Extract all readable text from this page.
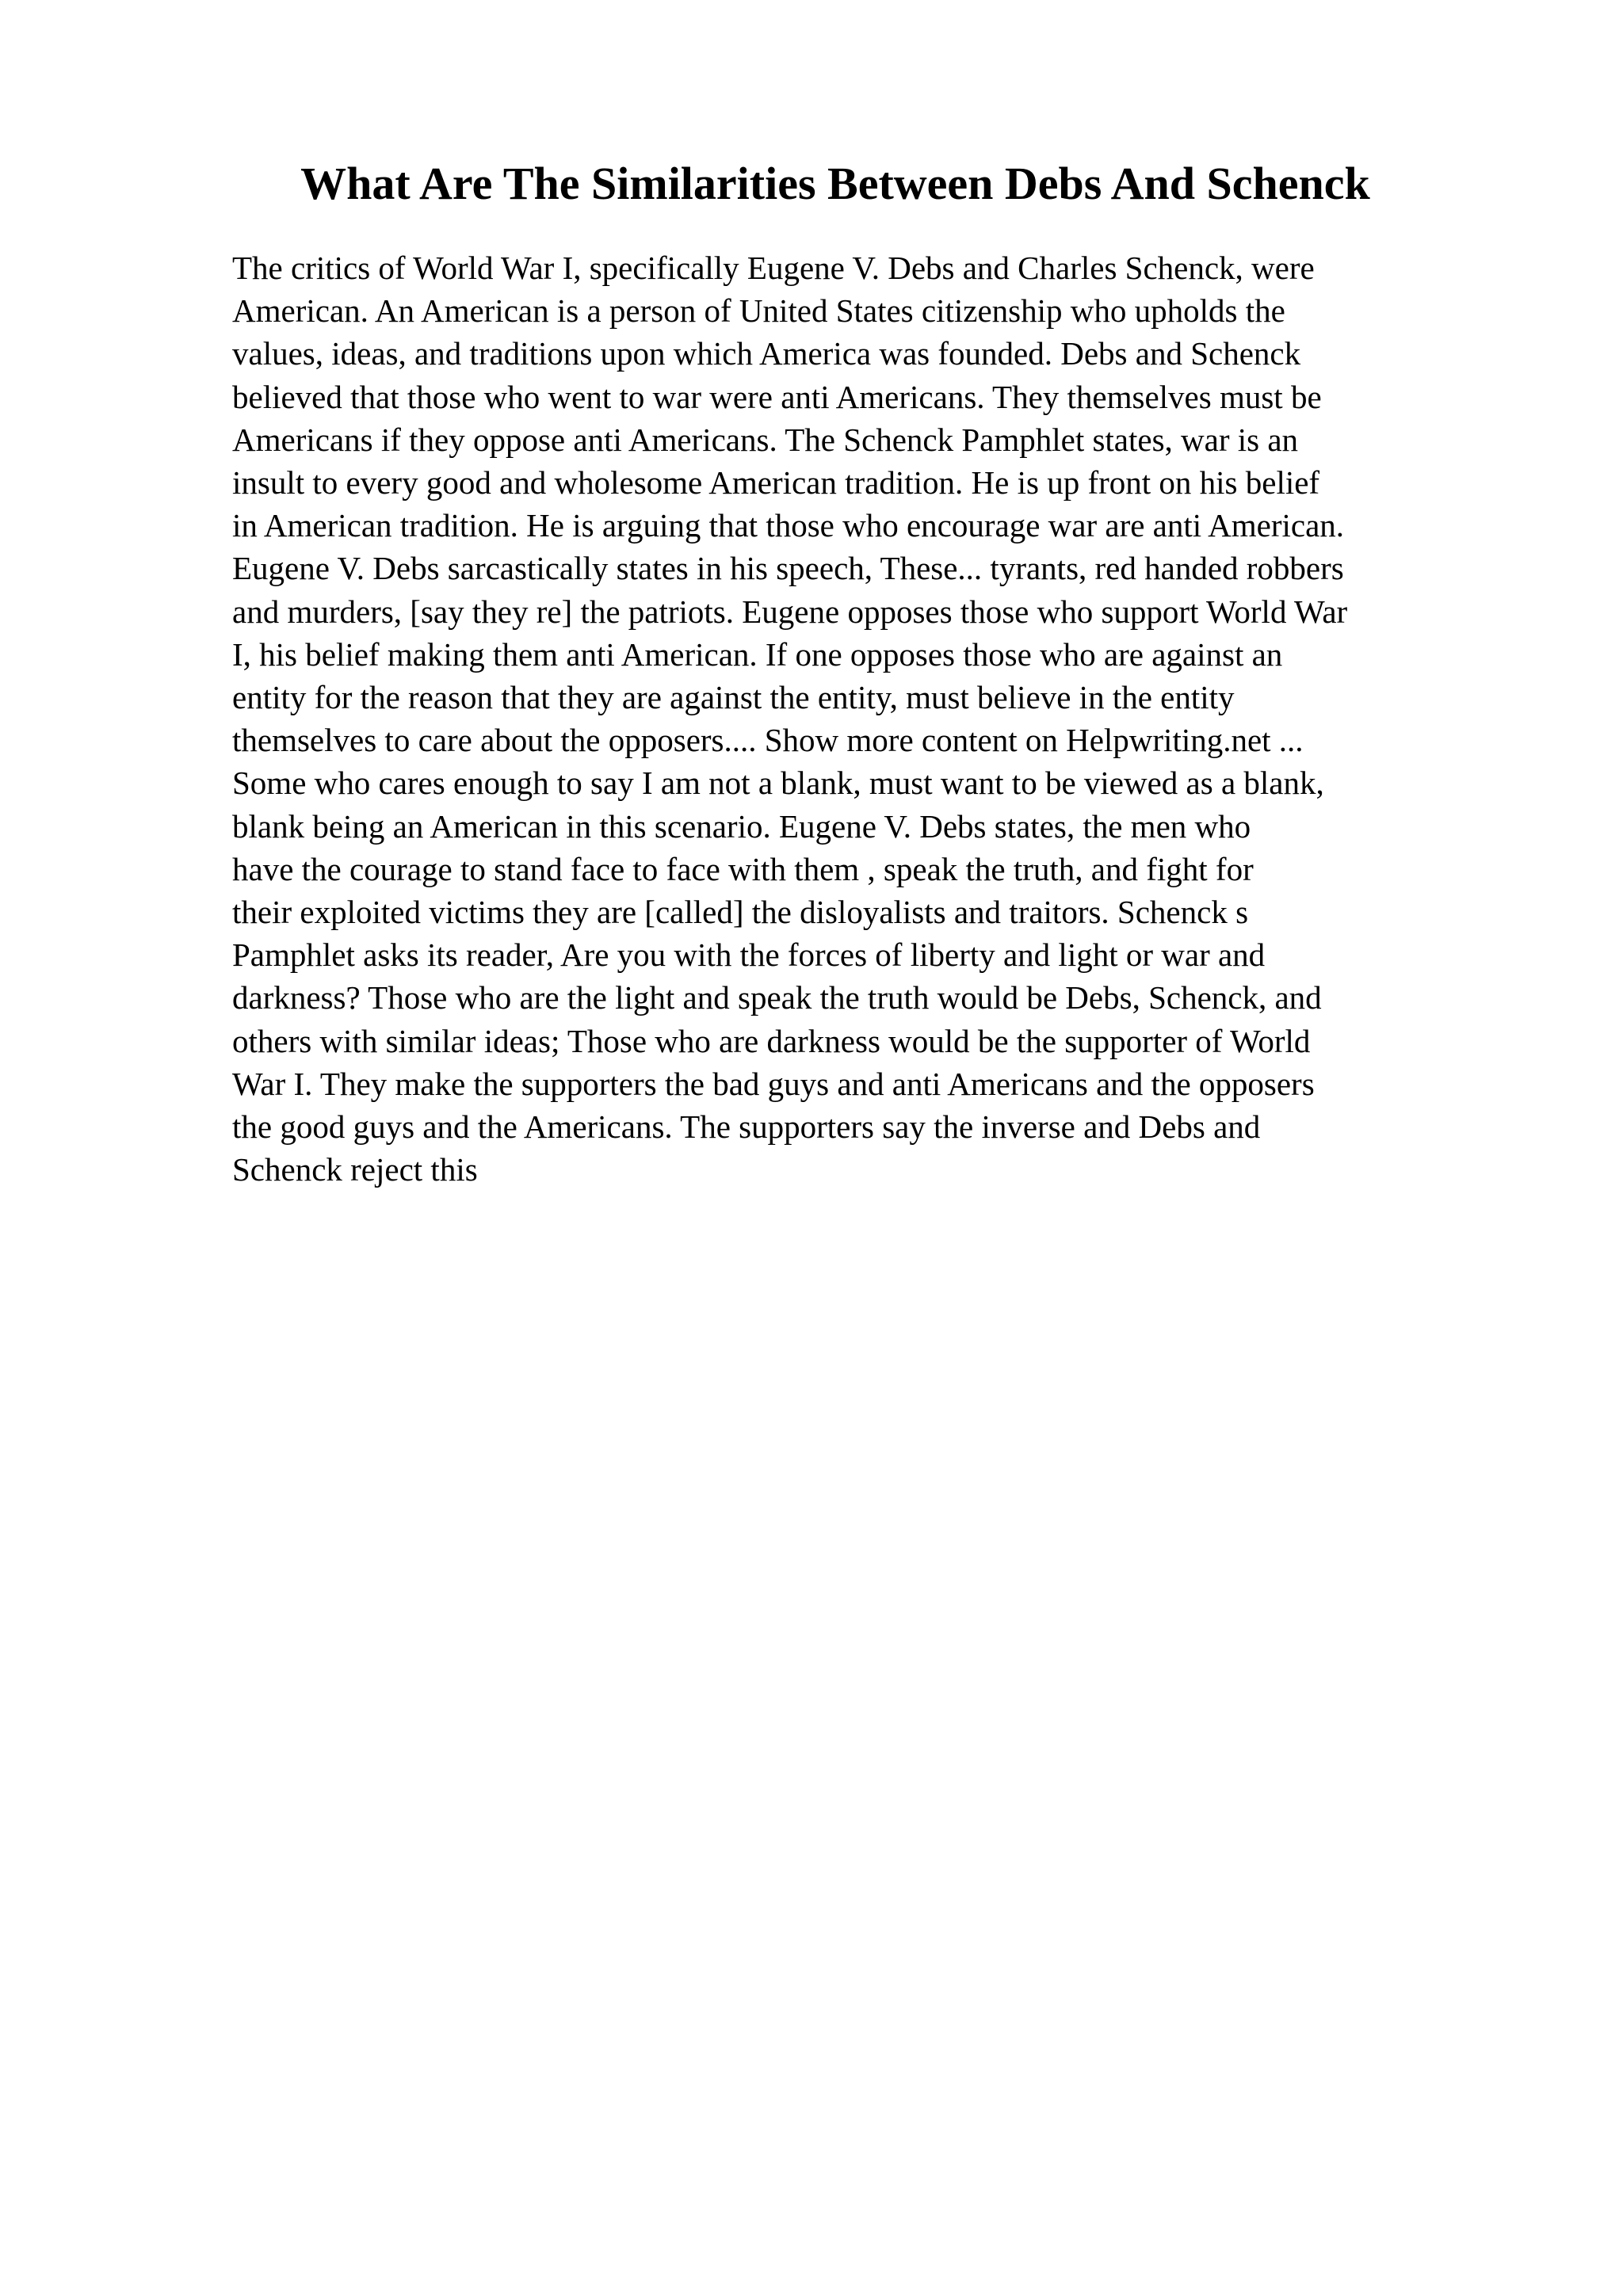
What Are The Similarities Between Debs And Schenck
The critics of World War I, specifically Eugene V. Debs and Charles Schenck, were
American. An American is a person of United States citizenship who upholds the
values, ideas, and traditions upon which America was founded. Debs and Schenck
believed that those who went to war were anti Americans. They themselves must be
Americans if they oppose anti Americans. The Schenck Pamphlet states, war is an
insult to every good and wholesome American tradition. He is up front on his belief
in American tradition. He is arguing that those who encourage war are anti American.
Eugene V. Debs sarcastically states in his speech, These... tyrants, red handed robbers
and murders, [say they re] the patriots. Eugene opposes those who support World War
I, his belief making them anti American. If one opposes those who are against an
entity for the reason that they are against the entity, must believe in the entity
themselves to care about the opposers.... Show more content on Helpwriting.net ...
Some who cares enough to say I am not a blank, must want to be viewed as a blank,
blank being an American in this scenario. Eugene V. Debs states, the men who
have the courage to stand face to face with them , speak the truth, and fight for
their exploited victims they are [called] the disloyalists and traitors. Schenck s
Pamphlet asks its reader, Are you with the forces of liberty and light or war and
darkness? Those who are the light and speak the truth would be Debs, Schenck, and
others with similar ideas; Those who are darkness would be the supporter of World
War I. They make the supporters the bad guys and anti Americans and the opposers
the good guys and the Americans. The supporters say the inverse and Debs and
Schenck reject this
